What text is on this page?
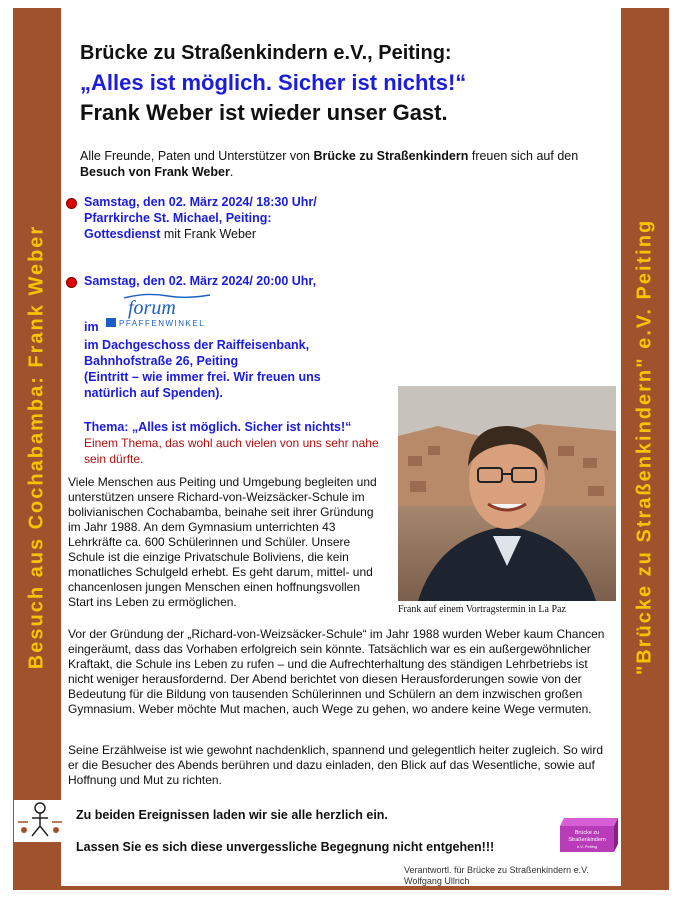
Besuch aus Cochabamba: Frank Weber	"Brücke zu Straßenkindern" e.V. Peiting
Brücke zu Straßenkindern e.V., Peiting:
„Alles ist möglich. Sicher ist nichts!“
Frank Weber ist wieder unser Gast.
Alle Freunde, Paten und Unterstützer von Brücke zu Straßenkindern freuen sich auf den Besuch von Frank Weber.
Samstag, den 02. März 2024/ 18:30 Uhr/
Pfarrkirche St. Michael, Peiting:
Gottesdienst mit Frank Weber
Samstag, den 02. März 2024/ 20:00 Uhr,
forum
PFAFFENWINKEL
im
im Dachgeschoss der Raiffeisenbank,
Bahnhofstraße 26, Peiting
(Eintritt – wie immer frei. Wir freuen uns
natürlich auf Spenden).
Thema: „Alles ist möglich. Sicher ist nichts!“
Einem Thema, das wohl auch vielen von uns sehr nahe sein dürfte.
Frank auf einem Vortragstermin in La Paz
Viele Menschen aus Peiting und Umgebung begleiten und unterstützen unsere Richard-von-Weizsäcker-Schule im bolivianischen Cochabamba, beinahe seit ihrer Gründung im Jahr 1988. An dem Gymnasium unterrichten 43 Lehrkräfte ca. 600 Schülerinnen und Schüler. Unsere Schule ist die einzige Privatschule Boliviens, die kein monatliches Schulgeld erhebt. Es geht darum, mittel- und chancenlosen jungen Menschen einen hoffnungsvollen Start ins Leben zu ermöglichen.
Vor der Gründung der „Richard-von-Weizsäcker-Schule“ im Jahr 1988 wurden Weber kaum Chancen eingeräumt, dass das Vorhaben erfolgreich sein könnte. Tatsächlich war es ein außergewöhnlicher Kraftakt, die Schule ins Leben zu rufen – und die Aufrechterhaltung des ständigen Lehrbetriebs ist nicht weniger herausfordernd. Der Abend berichtet von diesen Herausforderungen sowie von der Bedeutung für die Bildung von tausenden Schülerinnen und Schülern an dem inzwischen großen Gymnasium. Weber möchte Mut machen, auch Wege zu gehen, wo andere keine Wege vermuten.
Seine Erzählweise ist wie gewohnt nachdenklich, spannend und gelegentlich heiter zugleich. So wird er die Besucher des Abends berühren und dazu einladen, den Blick auf das Wesentliche, sowie auf Hoffnung und Mut zu richten.
Zu beiden Ereignissen laden wir sie alle herzlich ein.
Lassen Sie es sich diese unvergessliche Begegnung nicht entgehen!!!
Brücke zu
Straßenkindern
e.V. Peiting
Verantwortl. für Brücke zu Straßenkindern e.V.
Wolfgang Ullrich
